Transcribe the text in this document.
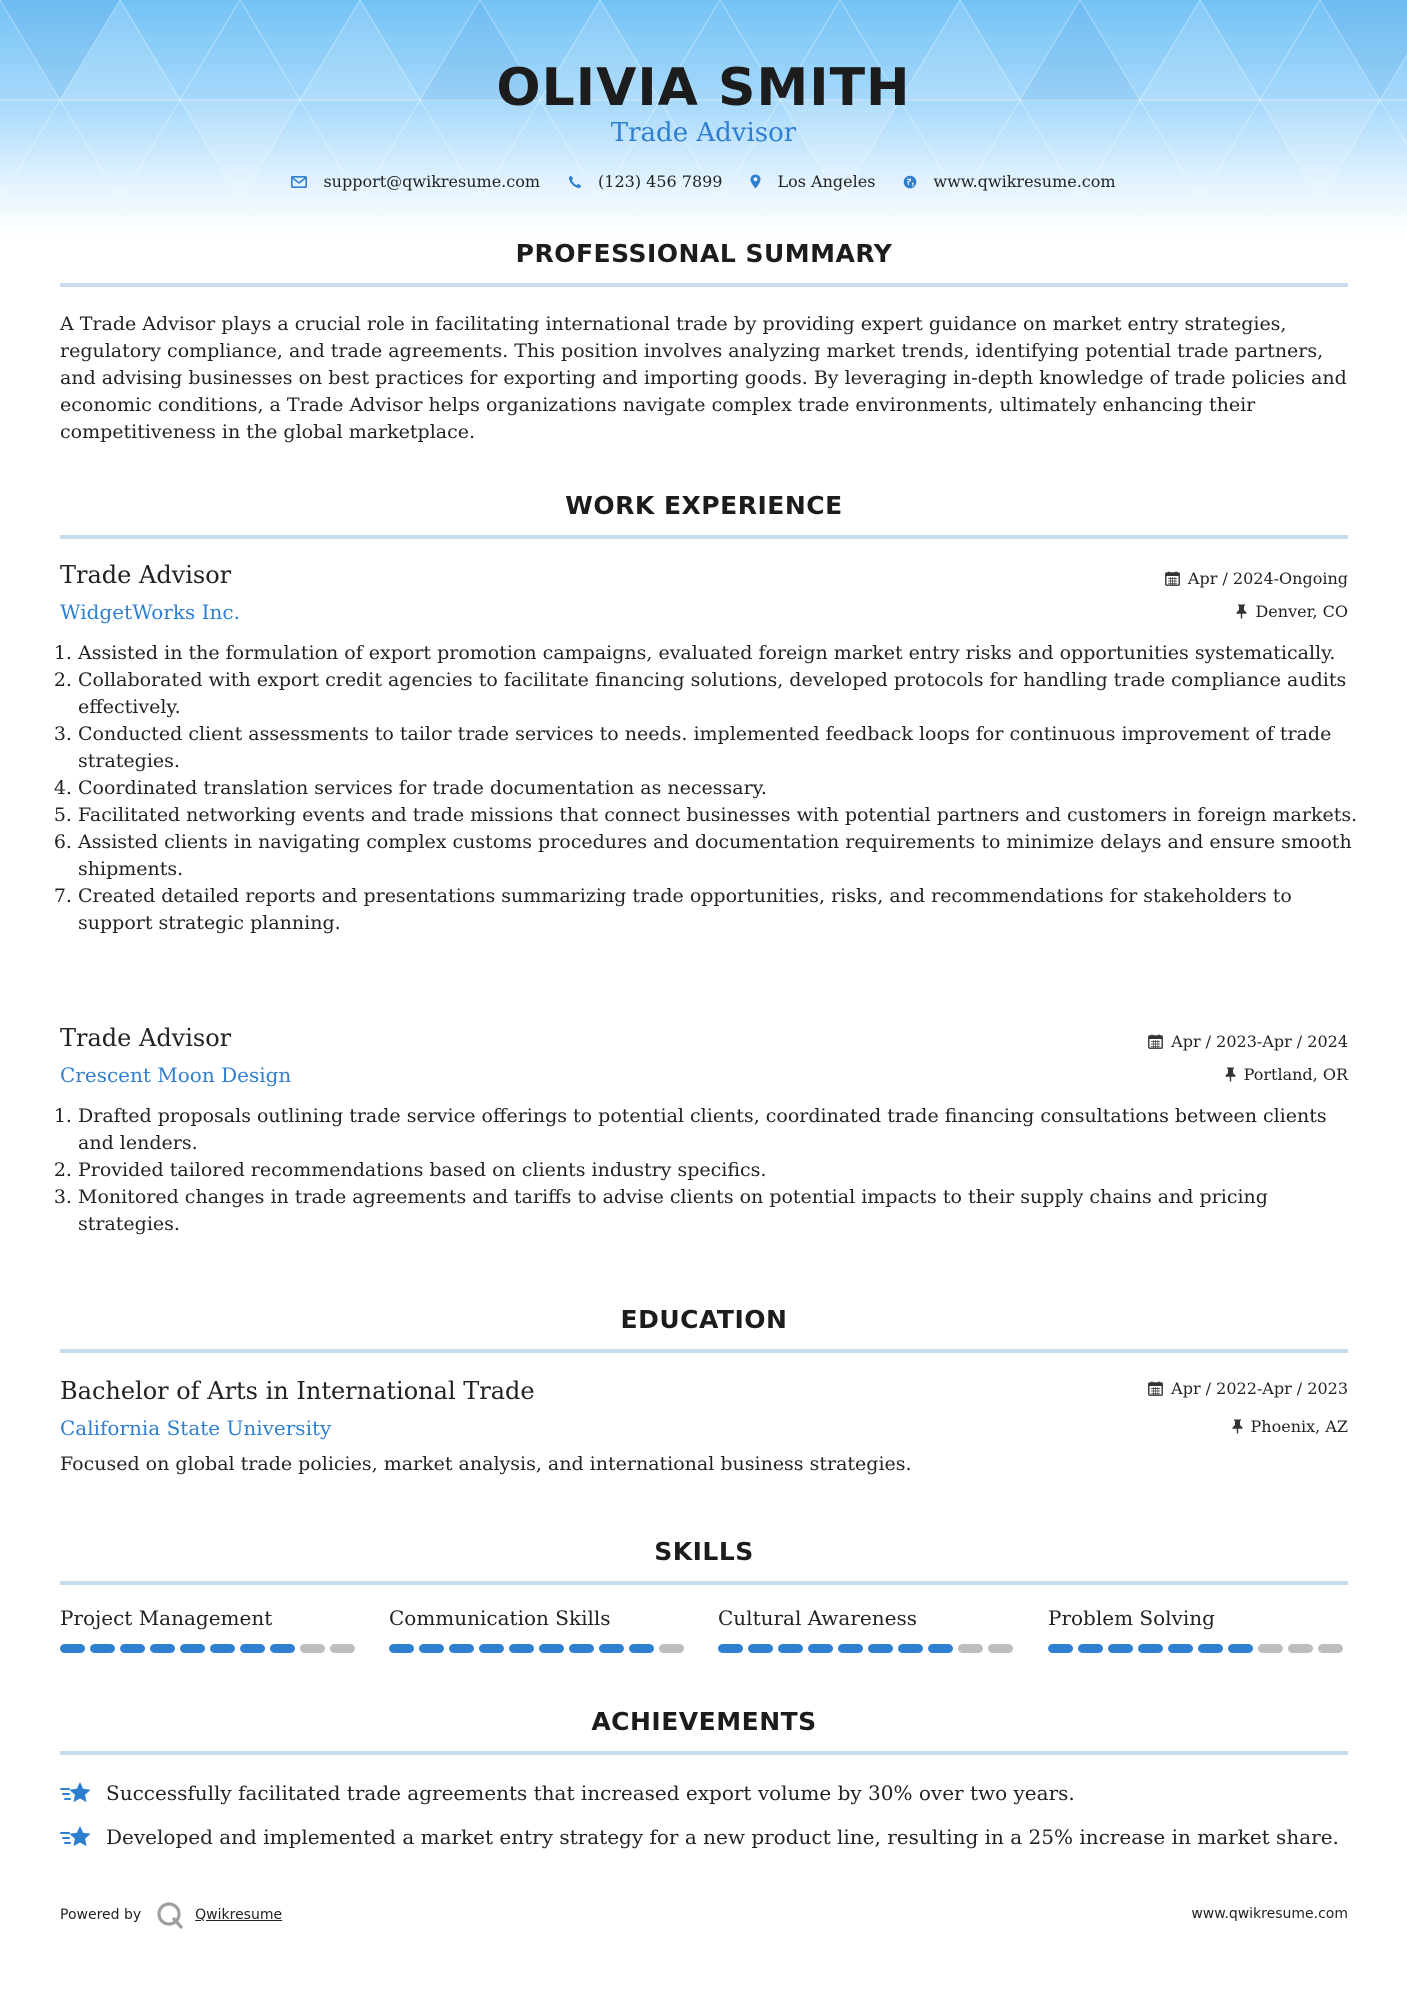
OLIVIA SMITH
Trade Advisor
support@qwikresume.com	(123) 456 7899	Los Angeles	www.qwikresume.com
PROFESSIONAL SUMMARY
A Trade Advisor plays a crucial role in facilitating international trade by providing expert guidance on market entry strategies, regulatory compliance, and trade agreements. This position involves analyzing market trends, identifying potential trade partners, and advising businesses on best practices for exporting and importing goods. By leveraging in-depth knowledge of trade policies and economic conditions, a Trade Advisor helps organizations navigate complex trade environments, ultimately enhancing their competitiveness in the global marketplace.
WORK EXPERIENCE
Trade Advisor	Apr / 2024-Ongoing
WidgetWorks Inc.	Denver, CO
1. Assisted in the formulation of export promotion campaigns, evaluated foreign market entry risks and opportunities systematically.
2. Collaborated with export credit agencies to facilitate financing solutions, developed protocols for handling trade compliance audits effectively.
3. Conducted client assessments to tailor trade services to needs. implemented feedback loops for continuous improvement of trade strategies.
4. Coordinated translation services for trade documentation as necessary.
5. Facilitated networking events and trade missions that connect businesses with potential partners and customers in foreign markets.
6. Assisted clients in navigating complex customs procedures and documentation requirements to minimize delays and ensure smooth shipments.
7. Created detailed reports and presentations summarizing trade opportunities, risks, and recommendations for stakeholders to support strategic planning.
Trade Advisor	Apr / 2023-Apr / 2024
Crescent Moon Design	Portland, OR
1. Drafted proposals outlining trade service offerings to potential clients, coordinated trade financing consultations between clients and lenders.
2. Provided tailored recommendations based on clients industry specifics.
3. Monitored changes in trade agreements and tariffs to advise clients on potential impacts to their supply chains and pricing strategies.
EDUCATION
Bachelor of Arts in International Trade	Apr / 2022-Apr / 2023
California State University	Phoenix, AZ
Focused on global trade policies, market analysis, and international business strategies.
SKILLS
Project Management	Communication Skills	Cultural Awareness	Problem Solving
ACHIEVEMENTS
Successfully facilitated trade agreements that increased export volume by 30% over two years.
Developed and implemented a market entry strategy for a new product line, resulting in a 25% increase in market share.
Powered by	Qwikresume	www.qwikresume.com
